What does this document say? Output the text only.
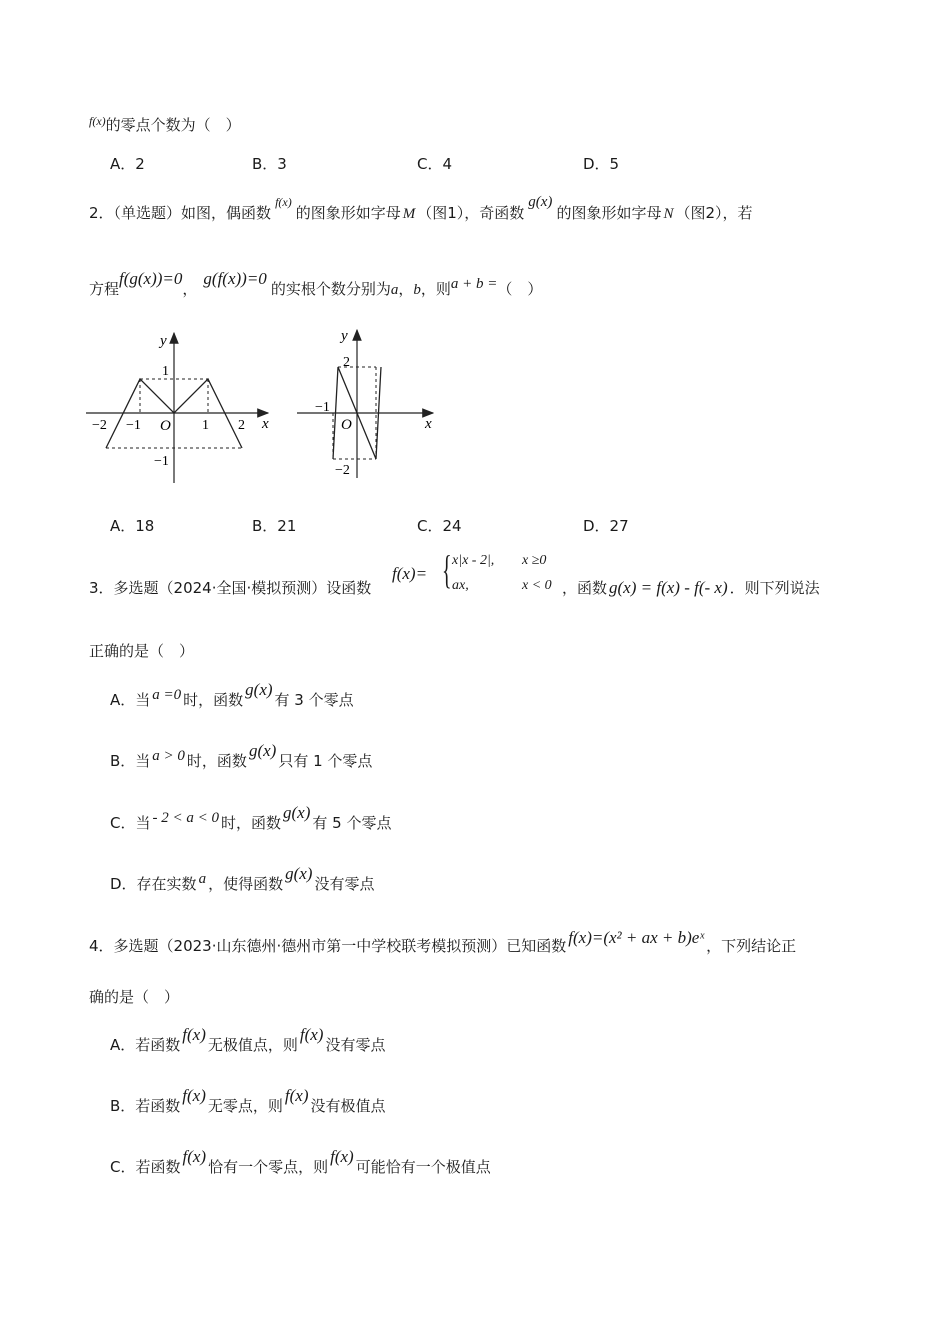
$^{f(x)}$的零点个数为（　）
A．2	B．3	C．4	D．5
2．（单选题）如图，偶函数$^{f(x)}$的图象形如字母 M （图1），奇函数g(x)的图象形如字母 N （图2），若
方程f(g(x))=0，g(f(x))=0的实根个数分别为a，b，则a + b =（　）
y
x
O
−2 −1	1 2
1
−1
y
x
O
−1
2
−2
A．18	B．21	C．24	D．27
3．多选题（2024·全国·模拟预测）设函数
f(x)= { x|x - 2|, x ≥0
ax,	x < 0 ，函数 g(x) = f(x) - f(- x) ．则下列说法
正确的是（　）
A．当 a =0 时，函数g(x)有 3 个零点
B．当 a > 0 时，函数g(x)只有 1 个零点
C．当 - 2 < a < 0 时，函数g(x)有 5 个零点
D．存在实数 a ，使得函数g(x)没有零点
4．多选题（2023·山东德州·德州市第一中学校联考模拟预测）已知函数 f(x)=(x² + ax + b)eˣ ，下列结论正
确的是（　）
A．若函数f(x)无极值点，则f(x)没有零点
B．若函数f(x)无零点，则f(x)没有极值点
C．若函数f(x)恰有一个零点，则f(x)可能恰有一个极值点
